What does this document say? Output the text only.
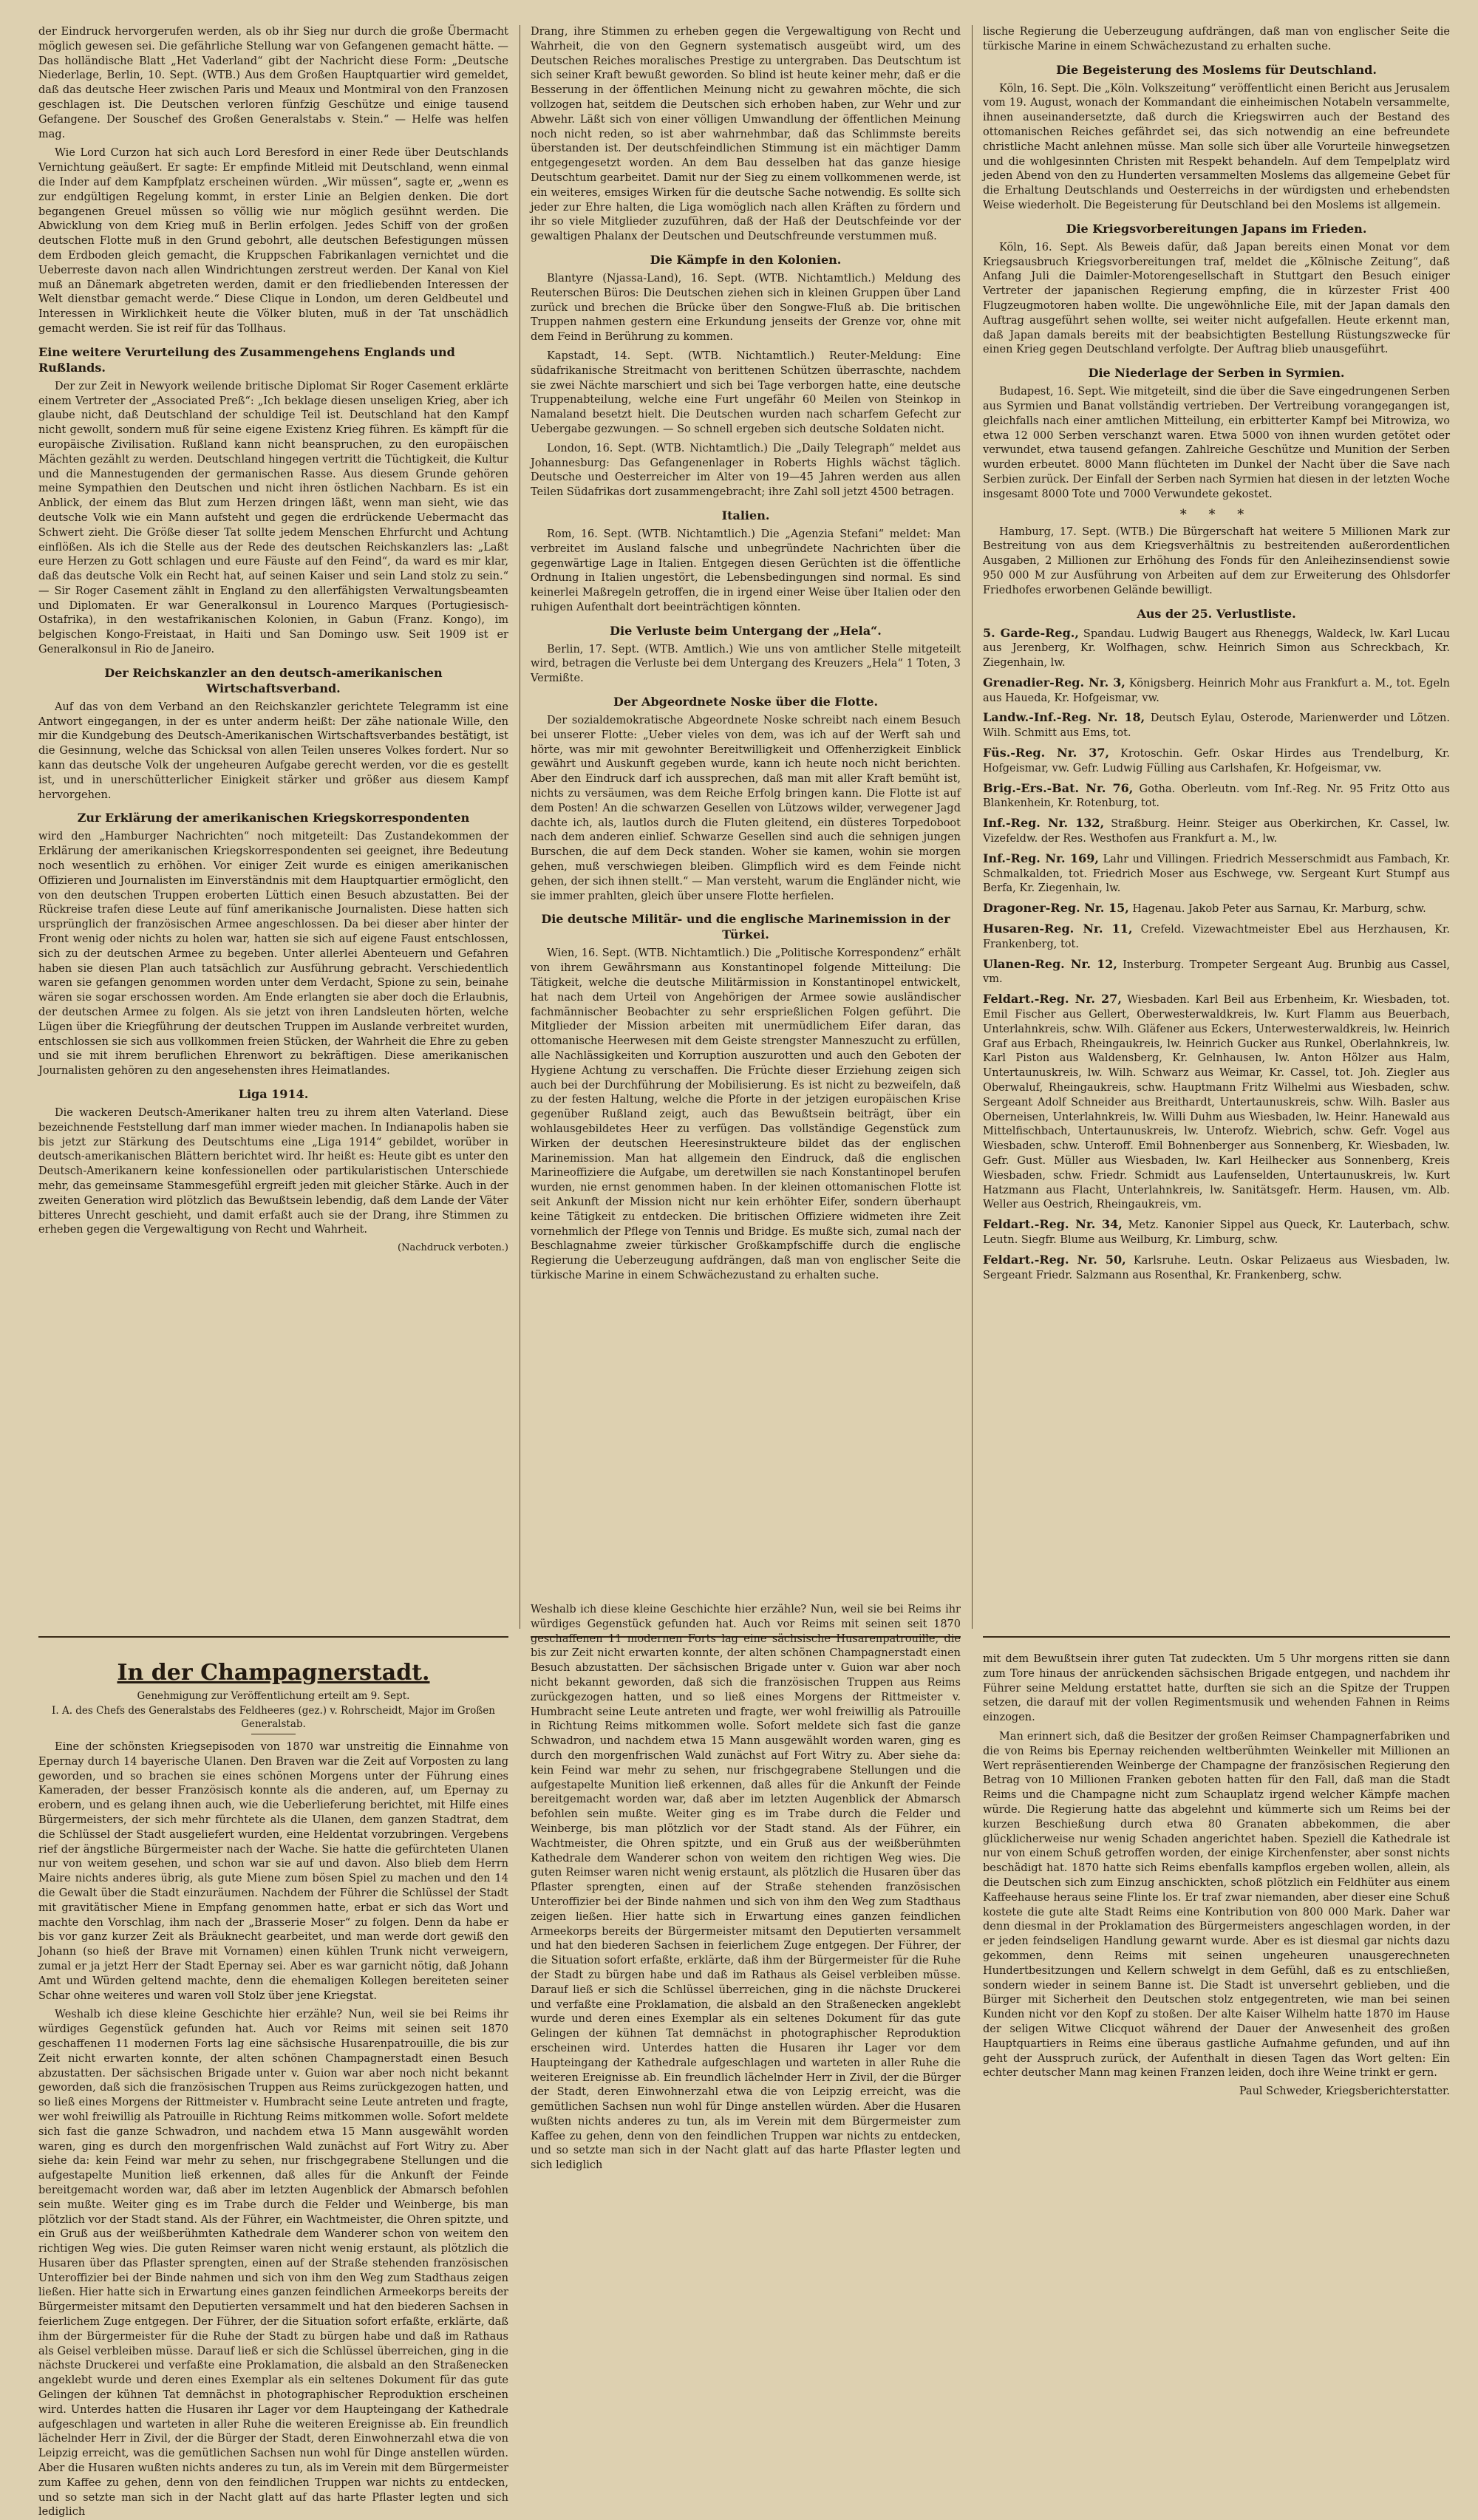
der Eindruck hervorgerufen werden, als ob ihr Sieg nur durch die große Übermacht möglich gewesen sei. Die gefährliche Stellung war von Gefangenen gemacht hätte. — Das holländische Blatt „Het Vaderland“ gibt der Nachricht diese Form: „Deutsche Niederlage, Berlin, 10. Sept. (WTB.) Aus dem Großen Hauptquartier wird gemeldet, daß das deutsche Heer zwischen Paris und Meaux und Montmiral von den Franzosen geschlagen ist. Die Deutschen verloren fünfzig Geschütze und einige tausend Gefangene. Der Souschef des Großen Generalstabs v. Stein.“ — Helfe was helfen mag.

Wie Lord Curzon hat sich auch Lord Beresford in einer Rede über Deutschlands Vernichtung geäußert. Er sagte: Er empfinde Mitleid mit Deutschland, wenn einmal die Inder auf dem Kampfplatz erscheinen würden. „Wir müssen“, sagte er, „wenn es zur endgültigen Regelung kommt, in erster Linie an Belgien denken. Die dort begangenen Greuel müssen so völlig wie nur möglich gesühnt werden. Die Abwicklung von dem Krieg muß in Berlin erfolgen. Jedes Schiff von der großen deutschen Flotte muß in den Grund gebohrt, alle deutschen Befestigungen müssen dem Erdboden gleich gemacht, die Kruppschen Fabrikanlagen vernichtet und die Ueberreste davon nach allen Windrichtungen zerstreut werden. Der Kanal von Kiel muß an Dänemark abgetreten werden, damit er den friedliebenden Interessen der Welt dienstbar gemacht werde.“ Diese Clique in London, um deren Geldbeutel und Interessen in Wirklichkeit heute die Völker bluten, muß in der Tat unschädlich gemacht werden. Sie ist reif für das Tollhaus.

Eine weitere Verurteilung des Zusammengehens Englands und Rußlands.

Der zur Zeit in Newyork weilende britische Diplomat Sir Roger Casement erklärte einem Vertreter der „Associated Preß“: „Ich beklage diesen unseligen Krieg, aber ich glaube nicht, daß Deutschland der schuldige Teil ist. Deutschland hat den Kampf nicht gewollt, sondern muß für seine eigene Existenz Krieg führen. Es kämpft für die europäische Zivilisation. Rußland kann nicht beanspruchen, zu den europäischen Mächten gezählt zu werden. Deutschland hingegen vertritt die Tüchtigkeit, die Kultur und die Mannestugenden der germanischen Rasse. Aus diesem Grunde gehören meine Sympathien den Deutschen und nicht ihren östlichen Nachbarn. Es ist ein Anblick, der einem das Blut zum Herzen dringen läßt, wenn man sieht, wie das deutsche Volk wie ein Mann aufsteht und gegen die erdrückende Uebermacht das Schwert zieht. Die Größe dieser Tat sollte jedem Menschen Ehrfurcht und Achtung einflößen. Als ich die Stelle aus der Rede des deutschen Reichskanzlers las: „Laßt eure Herzen zu Gott schlagen und eure Fäuste auf den Feind“, da ward es mir klar, daß das deutsche Volk ein Recht hat, auf seinen Kaiser und sein Land stolz zu sein.“ — Sir Roger Casement zählt in England zu den allerfähigsten Verwaltungsbeamten und Diplomaten. Er war Generalkonsul in Lourenco Marques (Portugiesisch-Ostafrika), in den westafrikanischen Kolonien, in Gabun (Franz. Kongo), im belgischen Kongo-Freistaat, in Haiti und San Domingo usw. Seit 1909 ist er Generalkonsul in Rio de Janeiro.

Der Reichskanzler an den deutsch-amerikanischen Wirtschaftsverband.

Auf das von dem Verband an den Reichskanzler gerichtete Telegramm ist eine Antwort eingegangen, in der es unter anderm heißt: Der zähe nationale Wille, den mir die Kundgebung des Deutsch-Amerikanischen Wirtschaftsverbandes bestätigt, ist die Gesinnung, welche das Schicksal von allen Teilen unseres Volkes fordert. Nur so kann das deutsche Volk der ungeheuren Aufgabe gerecht werden, vor die es gestellt ist, und in unerschütterlicher Einigkeit stärker und größer aus diesem Kampf hervorgehen.

Zur Erklärung der amerikanischen Kriegskorrespondenten

wird den „Hamburger Nachrichten“ noch mitgeteilt: Das Zustandekommen der Erklärung der amerikanischen Kriegskorrespondenten sei geeignet, ihre Bedeutung noch wesentlich zu erhöhen. Vor einiger Zeit wurde es einigen amerikanischen Offizieren und Journalisten im Einverständnis mit dem Hauptquartier ermöglicht, den von den deutschen Truppen eroberten Lüttich einen Besuch abzustatten. Bei der Rückreise trafen diese Leute auf fünf amerikanische Journalisten. Diese hatten sich ursprünglich der französischen Armee angeschlossen. Da bei dieser aber hinter der Front wenig oder nichts zu holen war, hatten sie sich auf eigene Faust entschlossen, sich zu der deutschen Armee zu begeben. Unter allerlei Abenteuern und Gefahren haben sie diesen Plan auch tatsächlich zur Ausführung gebracht. Verschiedentlich waren sie gefangen genommen worden unter dem Verdacht, Spione zu sein, beinahe wären sie sogar erschossen worden. Am Ende erlangten sie aber doch die Erlaubnis, der deutschen Armee zu folgen. Als sie jetzt von ihren Landsleuten hörten, welche Lügen über die Kriegführung der deutschen Truppen im Auslande verbreitet wurden, entschlossen sie sich aus vollkommen freien Stücken, der Wahrheit die Ehre zu geben und sie mit ihrem beruflichen Ehrenwort zu bekräftigen. Diese amerikanischen Journalisten gehören zu den angesehensten ihres Heimatlandes.

Liga 1914.

Die wackeren Deutsch-Amerikaner halten treu zu ihrem alten Vaterland. Diese bezeichnende Feststellung darf man immer wieder machen. In Indianapolis haben sie bis jetzt zur Stärkung des Deutschtums eine „Liga 1914“ gebildet, worüber in deutsch-amerikanischen Blättern berichtet wird. Ihr heißt es: Heute gibt es unter den Deutsch-Amerikanern keine konfessionellen oder partikularistischen Unterschiede mehr, das gemeinsame Stammesgefühl ergreift jeden mit gleicher Stärke. Auch in der zweiten Generation wird plötzlich das Bewußtsein lebendig, daß dem Lande der Väter bitteres Unrecht geschieht, und damit erfaßt auch sie der Drang, ihre Stimmen zu erheben gegen die Vergewaltigung von Recht und Wahrheit.

(Nachdruck verboten.)

Drang, ihre Stimmen zu erheben gegen die Vergewaltigung von Recht und Wahrheit, die von den Gegnern systematisch ausgeübt wird, um des Deutschen Reiches moralisches Prestige zu untergraben. Das Deutschtum ist sich seiner Kraft bewußt geworden. So blind ist heute keiner mehr, daß er die Besserung in der öffentlichen Meinung nicht zu gewahren möchte, die sich vollzogen hat, seitdem die Deutschen sich erhoben haben, zur Wehr und zur Abwehr. Läßt sich von einer völligen Umwandlung der öffentlichen Meinung noch nicht reden, so ist aber wahrnehmbar, daß das Schlimmste bereits überstanden ist. Der deutschfeindlichen Stimmung ist ein mächtiger Damm entgegengesetzt worden. An dem Bau desselben hat das ganze hiesige Deutschtum gearbeitet. Damit nur der Sieg zu einem vollkommenen werde, ist ein weiteres, emsiges Wirken für die deutsche Sache notwendig. Es sollte sich jeder zur Ehre halten, die Liga womöglich nach allen Kräften zu fördern und ihr so viele Mitglieder zuzuführen, daß der Haß der Deutschfeinde vor der gewaltigen Phalanx der Deutschen und Deutschfreunde verstummen muß.

Die Kämpfe in den Kolonien.

Blantyre (Njassa-Land), 16. Sept. (WTB. Nichtamtlich.) Meldung des Reuterschen Büros: Die Deutschen ziehen sich in kleinen Gruppen über Land zurück und brechen die Brücke über den Songwe-Fluß ab. Die britischen Truppen nahmen gestern eine Erkundung jenseits der Grenze vor, ohne mit dem Feind in Berührung zu kommen.

Kapstadt, 14. Sept. (WTB. Nichtamtlich.) Reuter-Meldung: Eine südafrikanische Streitmacht von berittenen Schützen überraschte, nachdem sie zwei Nächte marschiert und sich bei Tage verborgen hatte, eine deutsche Truppenabteilung, welche eine Furt ungefähr 60 Meilen von Steinkop in Namaland besetzt hielt. Die Deutschen wurden nach scharfem Gefecht zur Uebergabe gezwungen. — So schnell ergeben sich deutsche Soldaten nicht.

London, 16. Sept. (WTB. Nichtamtlich.) Die „Daily Telegraph“ meldet aus Johannesburg: Das Gefangenenlager in Roberts Highls wächst täglich. Deutsche und Oesterreicher im Alter von 19—45 Jahren werden aus allen Teilen Südafrikas dort zusammengebracht; ihre Zahl soll jetzt 4500 betragen.

Italien.

Rom, 16. Sept. (WTB. Nichtamtlich.) Die „Agenzia Stefani“ meldet: Man verbreitet im Ausland falsche und unbegründete Nachrichten über die gegenwärtige Lage in Italien. Entgegen diesen Gerüchten ist die öffentliche Ordnung in Italien ungestört, die Lebensbedingungen sind normal. Es sind keinerlei Maßregeln getroffen, die in irgend einer Weise über Italien oder den ruhigen Aufenthalt dort beeinträchtigen könnten.

Die Verluste beim Untergang der „Hela“.

Berlin, 17. Sept. (WTB. Amtlich.) Wie uns von amtlicher Stelle mitgeteilt wird, betragen die Verluste bei dem Untergang des Kreuzers „Hela“ 1 Toten, 3 Vermißte.

Der Abgeordnete Noske über die Flotte.

Der sozialdemokratische Abgeordnete Noske schreibt nach einem Besuch bei unserer Flotte: „Ueber vieles von dem, was ich auf der Werft sah und hörte, was mir mit gewohnter Bereitwilligkeit und Offenherzigkeit Einblick gewährt und Auskunft gegeben wurde, kann ich heute noch nicht berichten. Aber den Eindruck darf ich aussprechen, daß man mit aller Kraft bemüht ist, nichts zu versäumen, was dem Reiche Erfolg bringen kann. Die Flotte ist auf dem Posten! An die schwarzen Gesellen von Lützows wilder, verwegener Jagd dachte ich, als, lautlos durch die Fluten gleitend, ein düsteres Torpedoboot nach dem anderen einlief. Schwarze Gesellen sind auch die sehnigen jungen Burschen, die auf dem Deck standen. Woher sie kamen, wohin sie morgen gehen, muß verschwiegen bleiben. Glimpflich wird es dem Feinde nicht gehen, der sich ihnen stellt.“ — Man versteht, warum die Engländer nicht, wie sie immer prahlten, gleich über unsere Flotte herfielen.

Die deutsche Militär- und die englische Marinemission in der Türkei.

Wien, 16. Sept. (WTB. Nichtamtlich.) Die „Politische Korrespondenz“ erhält von ihrem Gewährsmann aus Konstantinopel folgende Mitteilung: Die Tätigkeit, welche die deutsche Militärmission in Konstantinopel entwickelt, hat nach dem Urteil von Angehörigen der Armee sowie ausländischer fachmännischer Beobachter zu sehr ersprießlichen Folgen geführt. Die Mitglieder der Mission arbeiten mit unermüdlichem Eifer daran, das ottomanische Heerwesen mit dem Geiste strengster Manneszucht zu erfüllen, alle Nachlässigkeiten und Korruption auszurotten und auch den Geboten der Hygiene Achtung zu verschaffen. Die Früchte dieser Erziehung zeigen sich auch bei der Durchführung der Mobilisierung. Es ist nicht zu bezweifeln, daß zu der festen Haltung, welche die Pforte in der jetzigen europäischen Krise gegenüber Rußland zeigt, auch das Bewußtsein beiträgt, über ein wohlausgebildetes Heer zu verfügen. Das vollständige Gegenstück zum Wirken der deutschen Heeresinstrukteure bildet das der englischen Marinemission. Man hat allgemein den Eindruck, daß die englischen Marineoffiziere die Aufgabe, um deretwillen sie nach Konstantinopel berufen wurden, nie ernst genommen haben. In der kleinen ottomanischen Flotte ist seit Ankunft der Mission nicht nur kein erhöhter Eifer, sondern überhaupt keine Tätigkeit zu entdecken. Die britischen Offiziere widmeten ihre Zeit vornehmlich der Pflege von Tennis und Bridge. Es mußte sich, zumal nach der Beschlagnahme zweier türkischer Großkampfschiffe durch die englische Regierung die Ueberzeugung aufdrängen, daß man von englischer Seite die türkische Marine in einem Schwächezustand zu erhalten suche.

lische Regierung die Ueberzeugung aufdrängen, daß man von englischer Seite die türkische Marine in einem Schwächezustand zu erhalten suche.

Die Begeisterung des Moslems für Deutschland.

Köln, 16. Sept. Die „Köln. Volkszeitung“ veröffentlicht einen Bericht aus Jerusalem vom 19. August, wonach der Kommandant die einheimischen Notabeln versammelte, ihnen auseinandersetzte, daß durch die Kriegswirren auch der Bestand des ottomanischen Reiches gefährdet sei, das sich notwendig an eine befreundete christliche Macht anlehnen müsse. Man solle sich über alle Vorurteile hinwegsetzen und die wohlgesinnten Christen mit Respekt behandeln. Auf dem Tempelplatz wird jeden Abend von den zu Hunderten versammelten Moslems das allgemeine Gebet für die Erhaltung Deutschlands und Oesterreichs in der würdigsten und erhebendsten Weise wiederholt. Die Begeisterung für Deutschland bei den Moslems ist allgemein.

Die Kriegsvorbereitungen Japans im Frieden.

Köln, 16. Sept. Als Beweis dafür, daß Japan bereits einen Monat vor dem Kriegsausbruch Kriegsvorbereitungen traf, meldet die „Kölnische Zeitung“, daß Anfang Juli die Daimler-Motorengesellschaft in Stuttgart den Besuch einiger Vertreter der japanischen Regierung empfing, die in kürzester Frist 400 Flugzeugmotoren haben wollte. Die ungewöhnliche Eile, mit der Japan damals den Auftrag ausgeführt sehen wollte, sei weiter nicht aufgefallen. Heute erkennt man, daß Japan damals bereits mit der beabsichtigten Bestellung Rüstungszwecke für einen Krieg gegen Deutschland verfolgte. Der Auftrag blieb unausgeführt.

Die Niederlage der Serben in Syrmien.

Budapest, 16. Sept. Wie mitgeteilt, sind die über die Save eingedrungenen Serben aus Syrmien und Banat vollständig vertrieben. Der Vertreibung vorangegangen ist, gleichfalls nach einer amtlichen Mitteilung, ein erbitterter Kampf bei Mitrowiza, wo etwa 12 000 Serben verschanzt waren. Etwa 5000 von ihnen wurden getötet oder verwundet, etwa tausend gefangen. Zahlreiche Geschütze und Munition der Serben wurden erbeutet. 8000 Mann flüchteten im Dunkel der Nacht über die Save nach Serbien zurück. Der Einfall der Serben nach Syrmien hat diesen in der letzten Woche insgesamt 8000 Tote und 7000 Verwundete gekostet.

* * *

Hamburg, 17. Sept. (WTB.) Die Bürgerschaft hat weitere 5 Millionen Mark zur Bestreitung von aus dem Kriegsverhältnis zu bestreitenden außerordentlichen Ausgaben, 2 Millionen zur Erhöhung des Fonds für den Anleihezinsendienst sowie 950 000 M zur Ausführung von Arbeiten auf dem zur Erweiterung des Ohlsdorfer Friedhofes erworbenen Gelände bewilligt.

Aus der 25. Verlustliste.

5. Garde-Reg., Spandau. Ludwig Baugert aus Rheneggs, Waldeck, lw. Karl Lucau aus Jerenberg, Kr. Wolfhagen, schw. Heinrich Simon aus Schreckbach, Kr. Ziegenhain, lw.

Grenadier-Reg. Nr. 3, Königsberg. Heinrich Mohr aus Frankfurt a. M., tot. Egeln aus Haueda, Kr. Hofgeismar, vw.

Landw.-Inf.-Reg. Nr. 18, Deutsch Eylau, Osterode, Marienwerder und Lötzen. Wilh. Schmitt aus Ems, tot.

Füs.-Reg. Nr. 37, Krotoschin. Gefr. Oskar Hirdes aus Trendelburg, Kr. Hofgeismar, vw. Gefr. Ludwig Fülling aus Carlshafen, Kr. Hofgeismar, vw.

Brig.-Ers.-Bat. Nr. 76, Gotha. Oberleutn. vom Inf.-Reg. Nr. 95 Fritz Otto aus Blankenhein, Kr. Rotenburg, tot.

Inf.-Reg. Nr. 132, Straßburg. Heinr. Steiger aus Oberkirchen, Kr. Cassel, lw. Vizefeldw. der Res. Westhofen aus Frankfurt a. M., lw.

Inf.-Reg. Nr. 169, Lahr und Villingen. Friedrich Messerschmidt aus Fambach, Kr. Schmalkalden, tot. Friedrich Moser aus Eschwege, vw. Sergeant Kurt Stumpf aus Berfa, Kr. Ziegenhain, lw.

Dragoner-Reg. Nr. 15, Hagenau. Jakob Peter aus Sarnau, Kr. Marburg, schw.

Husaren-Reg. Nr. 11, Crefeld. Vizewachtmeister Ebel aus Herzhausen, Kr. Frankenberg, tot.

Ulanen-Reg. Nr. 12, Insterburg. Trompeter Sergeant Aug. Brunbig aus Cassel, vm.

Feldart.-Reg. Nr. 27, Wiesbaden. Karl Beil aus Erbenheim, Kr. Wiesbaden, tot. Emil Fischer aus Gellert, Oberwesterwaldkreis, lw. Kurt Flamm aus Beuerbach, Unterlahnkreis, schw. Wilh. Gläfener aus Eckers, Unterwesterwaldkreis, lw. Heinrich Graf aus Erbach, Rheingaukreis, lw. Heinrich Gucker aus Runkel, Oberlahnkreis, lw. Karl Piston aus Waldensberg, Kr. Gelnhausen, lw. Anton Hölzer aus Halm, Untertaunuskreis, lw. Wilh. Schwarz aus Weimar, Kr. Cassel, tot. Joh. Ziegler aus Oberwaluf, Rheingaukreis, schw. Hauptmann Fritz Wilhelmi aus Wiesbaden, schw. Sergeant Adolf Schneider aus Breithardt, Untertaunuskreis, schw. Wilh. Basler aus Oberneisen, Unterlahnkreis, lw. Willi Duhm aus Wiesbaden, lw. Heinr. Hanewald aus Mittelfischbach, Untertaunuskreis, lw. Unterofz. Wiebrich, schw. Gefr. Vogel aus Wiesbaden, schw. Unteroff. Emil Bohnenberger aus Sonnenberg, Kr. Wiesbaden, lw. Gefr. Gust. Müller aus Wiesbaden, lw. Karl Heilhecker aus Sonnenberg, Kreis Wiesbaden, schw. Friedr. Schmidt aus Laufenselden, Untertaunuskreis, lw. Kurt Hatzmann aus Flacht, Unterlahnkreis, lw. Sanitätsgefr. Herm. Hausen, vm. Alb. Weller aus Oestrich, Rheingaukreis, vm.

Feldart.-Reg. Nr. 34, Metz. Kanonier Sippel aus Queck, Kr. Lauterbach, schw. Leutn. Siegfr. Blume aus Weilburg, Kr. Limburg, schw.

Feldart.-Reg. Nr. 50, Karlsruhe. Leutn. Oskar Pelizaeus aus Wiesbaden, lw. Sergeant Friedr. Salzmann aus Rosenthal, Kr. Frankenberg, schw.

In der Champagnerstadt.

Genehmigung zur Veröffentlichung erteilt am 9. Sept.

I. A. des Chefs des Generalstabs des Feldheeres (gez.) v. Rohrscheidt, Major im Großen Generalstab.

Eine der schönsten Kriegsepisoden von 1870 war unstreitig die Einnahme von Epernay durch 14 bayerische Ulanen. Den Braven war die Zeit auf Vorposten zu lang geworden, und so brachen sie eines schönen Morgens unter der Führung eines Kameraden, der besser Französisch konnte als die anderen, auf, um Epernay zu erobern, und es gelang ihnen auch, wie die Ueberlieferung berichtet, mit Hilfe eines Bürgermeisters, der sich mehr fürchtete als die Ulanen, dem ganzen Stadtrat, dem die Schlüssel der Stadt ausgeliefert wurden, eine Heldentat vorzubringen. Vergebens rief der ängstliche Bürgermeister nach der Wache. Sie hatte die gefürchteten Ulanen nur von weitem gesehen, und schon war sie auf und davon. Also blieb dem Herrn Maire nichts anderes übrig, als gute Miene zum bösen Spiel zu machen und den 14 die Gewalt über die Stadt einzuräumen. Nachdem der Führer die Schlüssel der Stadt mit gravitätischer Miene in Empfang genommen hatte, erbat er sich das Wort und machte den Vorschlag, ihm nach der „Brasserie Moser“ zu folgen. Denn da habe er bis vor ganz kurzer Zeit als Bräuknecht gearbeitet, und man werde dort gewiß den Johann (so hieß der Brave mit Vornamen) einen kühlen Trunk nicht verweigern, zumal er ja jetzt Herr der Stadt Epernay sei. Aber es war garnicht nötig, daß Johann Amt und Würden geltend machte, denn die ehemaligen Kollegen bereiteten seiner Schar ohne weiteres und waren voll Stolz über jene Kriegstat.

Weshalb ich diese kleine Geschichte hier erzähle? Nun, weil sie bei Reims ihr würdiges Gegenstück gefunden hat. Auch vor Reims mit seinen seit 1870 geschaffenen 11 modernen Forts lag eine sächsische Husarenpatrouille, die bis zur Zeit nicht erwarten konnte, der alten schönen Champagnerstadt einen Besuch abzustatten. Der sächsischen Brigade unter v. Guion war aber noch nicht bekannt geworden, daß sich die französischen Truppen aus Reims zurückgezogen hatten, und so ließ eines Morgens der Rittmeister v. Humbracht seine Leute antreten und fragte, wer wohl freiwillig als Patrouille in Richtung Reims mitkommen wolle. Sofort meldete sich fast die ganze Schwadron, und nachdem etwa 15 Mann ausgewählt worden waren, ging es durch den morgenfrischen Wald zunächst auf Fort Witry zu. Aber siehe da: kein Feind war mehr zu sehen, nur frischgegrabene Stellungen und die aufgestapelte Munition ließ erkennen, daß alles für die Ankunft der Feinde bereitgemacht worden war, daß aber im letzten Augenblick der Abmarsch befohlen sein mußte. Weiter ging es im Trabe durch die Felder und Weinberge, bis man plötzlich vor der Stadt stand. Als der Führer, ein Wachtmeister, die Ohren spitzte, und ein Gruß aus der weißberühmten Kathedrale dem Wanderer schon von weitem den richtigen Weg wies. Die guten Reimser waren nicht wenig erstaunt, als plötzlich die Husaren über das Pflaster sprengten, einen auf der Straße stehenden französischen Unteroffizier bei der Binde nahmen und sich von ihm den Weg zum Stadthaus zeigen ließen. Hier hatte sich in Erwartung eines ganzen feindlichen Armeekorps bereits der Bürgermeister mitsamt den Deputierten versammelt und hat den biederen Sachsen in feierlichem Zuge entgegen. Der Führer, der die Situation sofort erfaßte, erklärte, daß ihm der Bürgermeister für die Ruhe der Stadt zu bürgen habe und daß im Rathaus als Geisel verbleiben müsse. Darauf ließ er sich die Schlüssel überreichen, ging in die nächste Druckerei und verfaßte eine Proklamation, die alsbald an den Straßenecken angeklebt wurde und deren eines Exemplar als ein seltenes Dokument für das gute Gelingen der kühnen Tat demnächst in photographischer Reproduktion erscheinen wird. Unterdes hatten die Husaren ihr Lager vor dem Haupteingang der Kathedrale aufgeschlagen und warteten in aller Ruhe die weiteren Ereignisse ab. Ein freundlich lächelnder Herr in Zivil, der die Bürger der Stadt, deren Einwohnerzahl etwa die von Leipzig erreicht, was die gemütlichen Sachsen nun wohl für Dinge anstellen würden. Aber die Husaren wußten nichts anderes zu tun, als im Verein mit dem Bürgermeister zum Kaffee zu gehen, denn von den feindlichen Truppen war nichts zu entdecken, und so setzte man sich in der Nacht glatt auf das harte Pflaster legten und sich lediglich

Weshalb ich diese kleine Geschichte hier erzähle? Nun, weil sie bei Reims ihr würdiges Gegenstück gefunden hat. Auch vor Reims mit seinen seit 1870 geschaffenen 11 modernen Forts lag eine sächsische Husarenpatrouille, die bis zur Zeit nicht erwarten konnte, der alten schönen Champagnerstadt einen Besuch abzustatten. Der sächsischen Brigade unter v. Guion war aber noch nicht bekannt geworden, daß sich die französischen Truppen aus Reims zurückgezogen hatten, und so ließ eines Morgens der Rittmeister v. Humbracht seine Leute antreten und fragte, wer wohl freiwillig als Patrouille in Richtung Reims mitkommen wolle. Sofort meldete sich fast die ganze Schwadron, und nachdem etwa 15 Mann ausgewählt worden waren, ging es durch den morgenfrischen Wald zunächst auf Fort Witry zu. Aber siehe da: kein Feind war mehr zu sehen, nur frischgegrabene Stellungen und die aufgestapelte Munition ließ erkennen, daß alles für die Ankunft der Feinde bereitgemacht worden war, daß aber im letzten Augenblick der Abmarsch befohlen sein mußte. Weiter ging es im Trabe durch die Felder und Weinberge, bis man plötzlich vor der Stadt stand. Als der Führer, ein Wachtmeister, die Ohren spitzte, und ein Gruß aus der weißberühmten Kathedrale dem Wanderer schon von weitem den richtigen Weg wies. Die guten Reimser waren nicht wenig erstaunt, als plötzlich die Husaren über das Pflaster sprengten, einen auf der Straße stehenden französischen Unteroffizier bei der Binde nahmen und sich von ihm den Weg zum Stadthaus zeigen ließen. Hier hatte sich in Erwartung eines ganzen feindlichen Armeekorps bereits der Bürgermeister mitsamt den Deputierten versammelt und hat den biederen Sachsen in feierlichem Zuge entgegen. Der Führer, der die Situation sofort erfaßte, erklärte, daß ihm der Bürgermeister für die Ruhe der Stadt zu bürgen habe und daß im Rathaus als Geisel verbleiben müsse. Darauf ließ er sich die Schlüssel überreichen, ging in die nächste Druckerei und verfaßte eine Proklamation, die alsbald an den Straßenecken angeklebt wurde und deren eines Exemplar als ein seltenes Dokument für das gute Gelingen der kühnen Tat demnächst in photographischer Reproduktion erscheinen wird. Unterdes hatten die Husaren ihr Lager vor dem Haupteingang der Kathedrale aufgeschlagen und warteten in aller Ruhe die weiteren Ereignisse ab. Ein freundlich lächelnder Herr in Zivil, der die Bürger der Stadt, deren Einwohnerzahl etwa die von Leipzig erreicht, was die gemütlichen Sachsen nun wohl für Dinge anstellen würden. Aber die Husaren wußten nichts anderes zu tun, als im Verein mit dem Bürgermeister zum Kaffee zu gehen, denn von den feindlichen Truppen war nichts zu entdecken, und so setzte man sich in der Nacht glatt auf das harte Pflaster legten und sich lediglich

mit dem Bewußtsein ihrer guten Tat zudeckten. Um 5 Uhr morgens ritten sie dann zum Tore hinaus der anrückenden sächsischen Brigade entgegen, und nachdem ihr Führer seine Meldung erstattet hatte, durften sie sich an die Spitze der Truppen setzen, die darauf mit der vollen Regimentsmusik und wehenden Fahnen in Reims einzogen.

Man erinnert sich, daß die Besitzer der großen Reimser Champagnerfabriken und die von Reims bis Epernay reichenden weltberühmten Weinkeller mit Millionen an Wert repräsentierenden Weinberge der Champagne der französischen Regierung den Betrag von 10 Millionen Franken geboten hatten für den Fall, daß man die Stadt Reims und die Champagne nicht zum Schauplatz irgend welcher Kämpfe machen würde. Die Regierung hatte das abgelehnt und kümmerte sich um Reims bei der kurzen Beschießung durch etwa 80 Granaten abbekommen, die aber glücklicherweise nur wenig Schaden angerichtet haben. Speziell die Kathedrale ist nur von einem Schuß getroffen worden, der einige Kirchenfenster, aber sonst nichts beschädigt hat. 1870 hatte sich Reims ebenfalls kampflos ergeben wollen, allein, als die Deutschen sich zum Einzug anschickten, schoß plötzlich ein Feldhüter aus einem Kaffeehause heraus seine Flinte los. Er traf zwar niemanden, aber dieser eine Schuß kostete die gute alte Stadt Reims eine Kontribution von 800 000 Mark. Daher war denn diesmal in der Proklamation des Bürgermeisters angeschlagen worden, in der er jeden feindseligen Handlung gewarnt wurde. Aber es ist diesmal gar nichts dazu gekommen, denn Reims mit seinen ungeheuren unausgerechneten Hundertbesitzungen und Kellern schwelgt in dem Gefühl, daß es zu entschließen, sondern wieder in seinem Banne ist. Die Stadt ist unversehrt geblieben, und die Bürger mit Sicherheit den Deutschen stolz entgegentreten, wie man bei seinen Kunden nicht vor den Kopf zu stoßen. Der alte Kaiser Wilhelm hatte 1870 im Hause der seligen Witwe Clicquot während der Dauer der Anwesenheit des großen Hauptquartiers in Reims eine überaus gastliche Aufnahme gefunden, und auf ihn geht der Ausspruch zurück, der Aufenthalt in diesen Tagen das Wort gelten: Ein echter deutscher Mann mag keinen Franzen leiden, doch ihre Weine trinkt er gern.

Paul Schweder, Kriegsberichterstatter.
